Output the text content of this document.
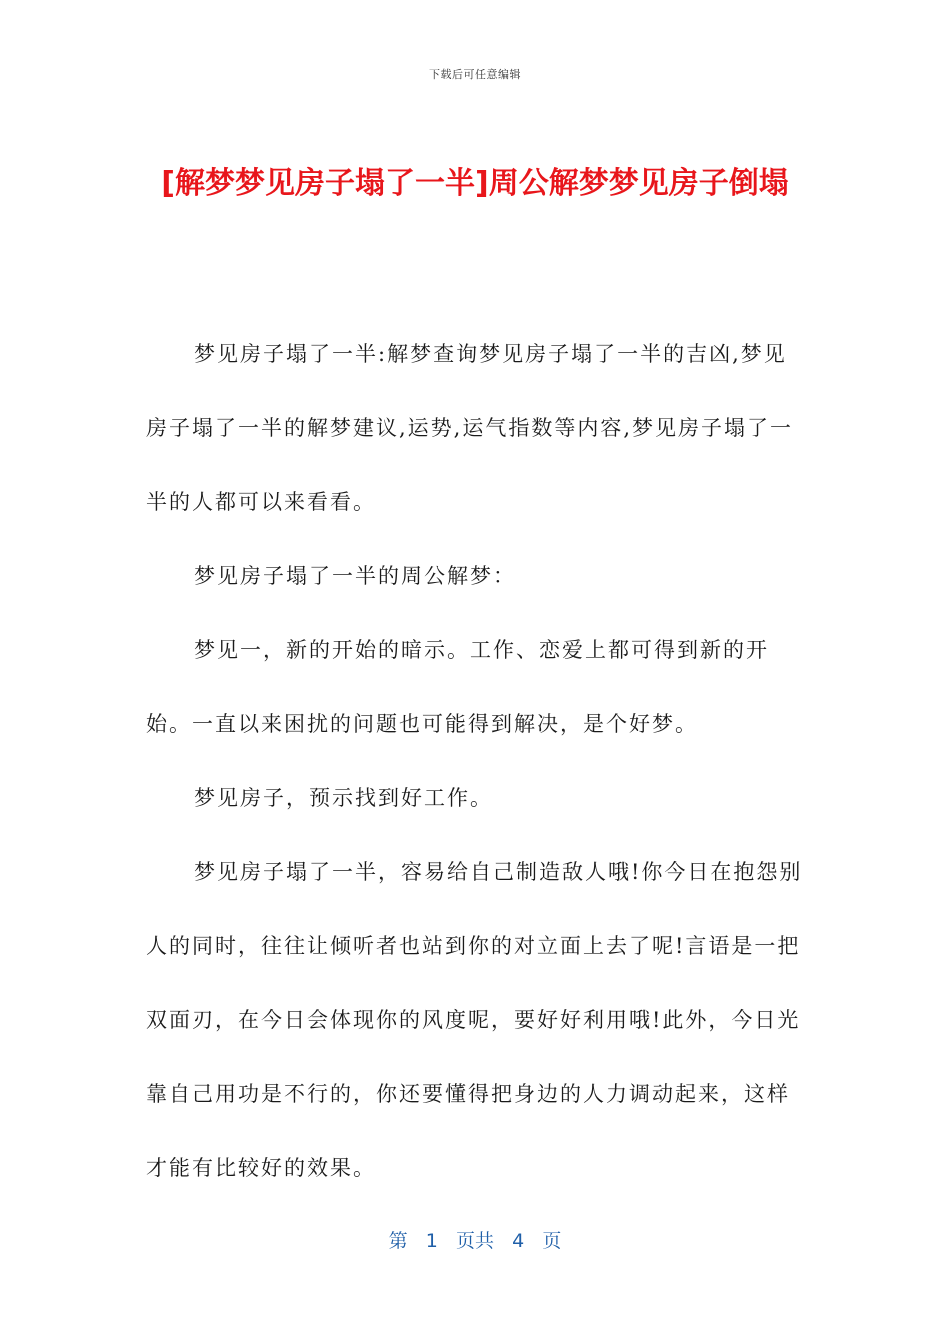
下载后可任意编辑
[解梦梦见房子塌了一半]周公解梦梦见房子倒塌

梦见房子塌了一半:解梦查询梦见房子塌了一半的吉凶,梦见房子塌了一半的解梦建议,运势,运气指数等内容,梦见房子塌了一半的人都可以来看看。

梦见房子塌了一半的周公解梦：

梦见一，新的开始的暗示。工作、恋爱上都可得到新的开始。一直以来困扰的问题也可能得到解决，是个好梦。

梦见房子，预示找到好工作。

梦见房子塌了一半，容易给自己制造敌人哦!你今日在抱怨别人的同时，往往让倾听者也站到你的对立面上去了呢!言语是一把双面刃，在今日会体现你的风度呢，要好好利用哦!此外，今日光靠自己用功是不行的，你还要懂得把身边的人力调动起来，这样才能有比较好的效果。

第 1 页共 4 页
